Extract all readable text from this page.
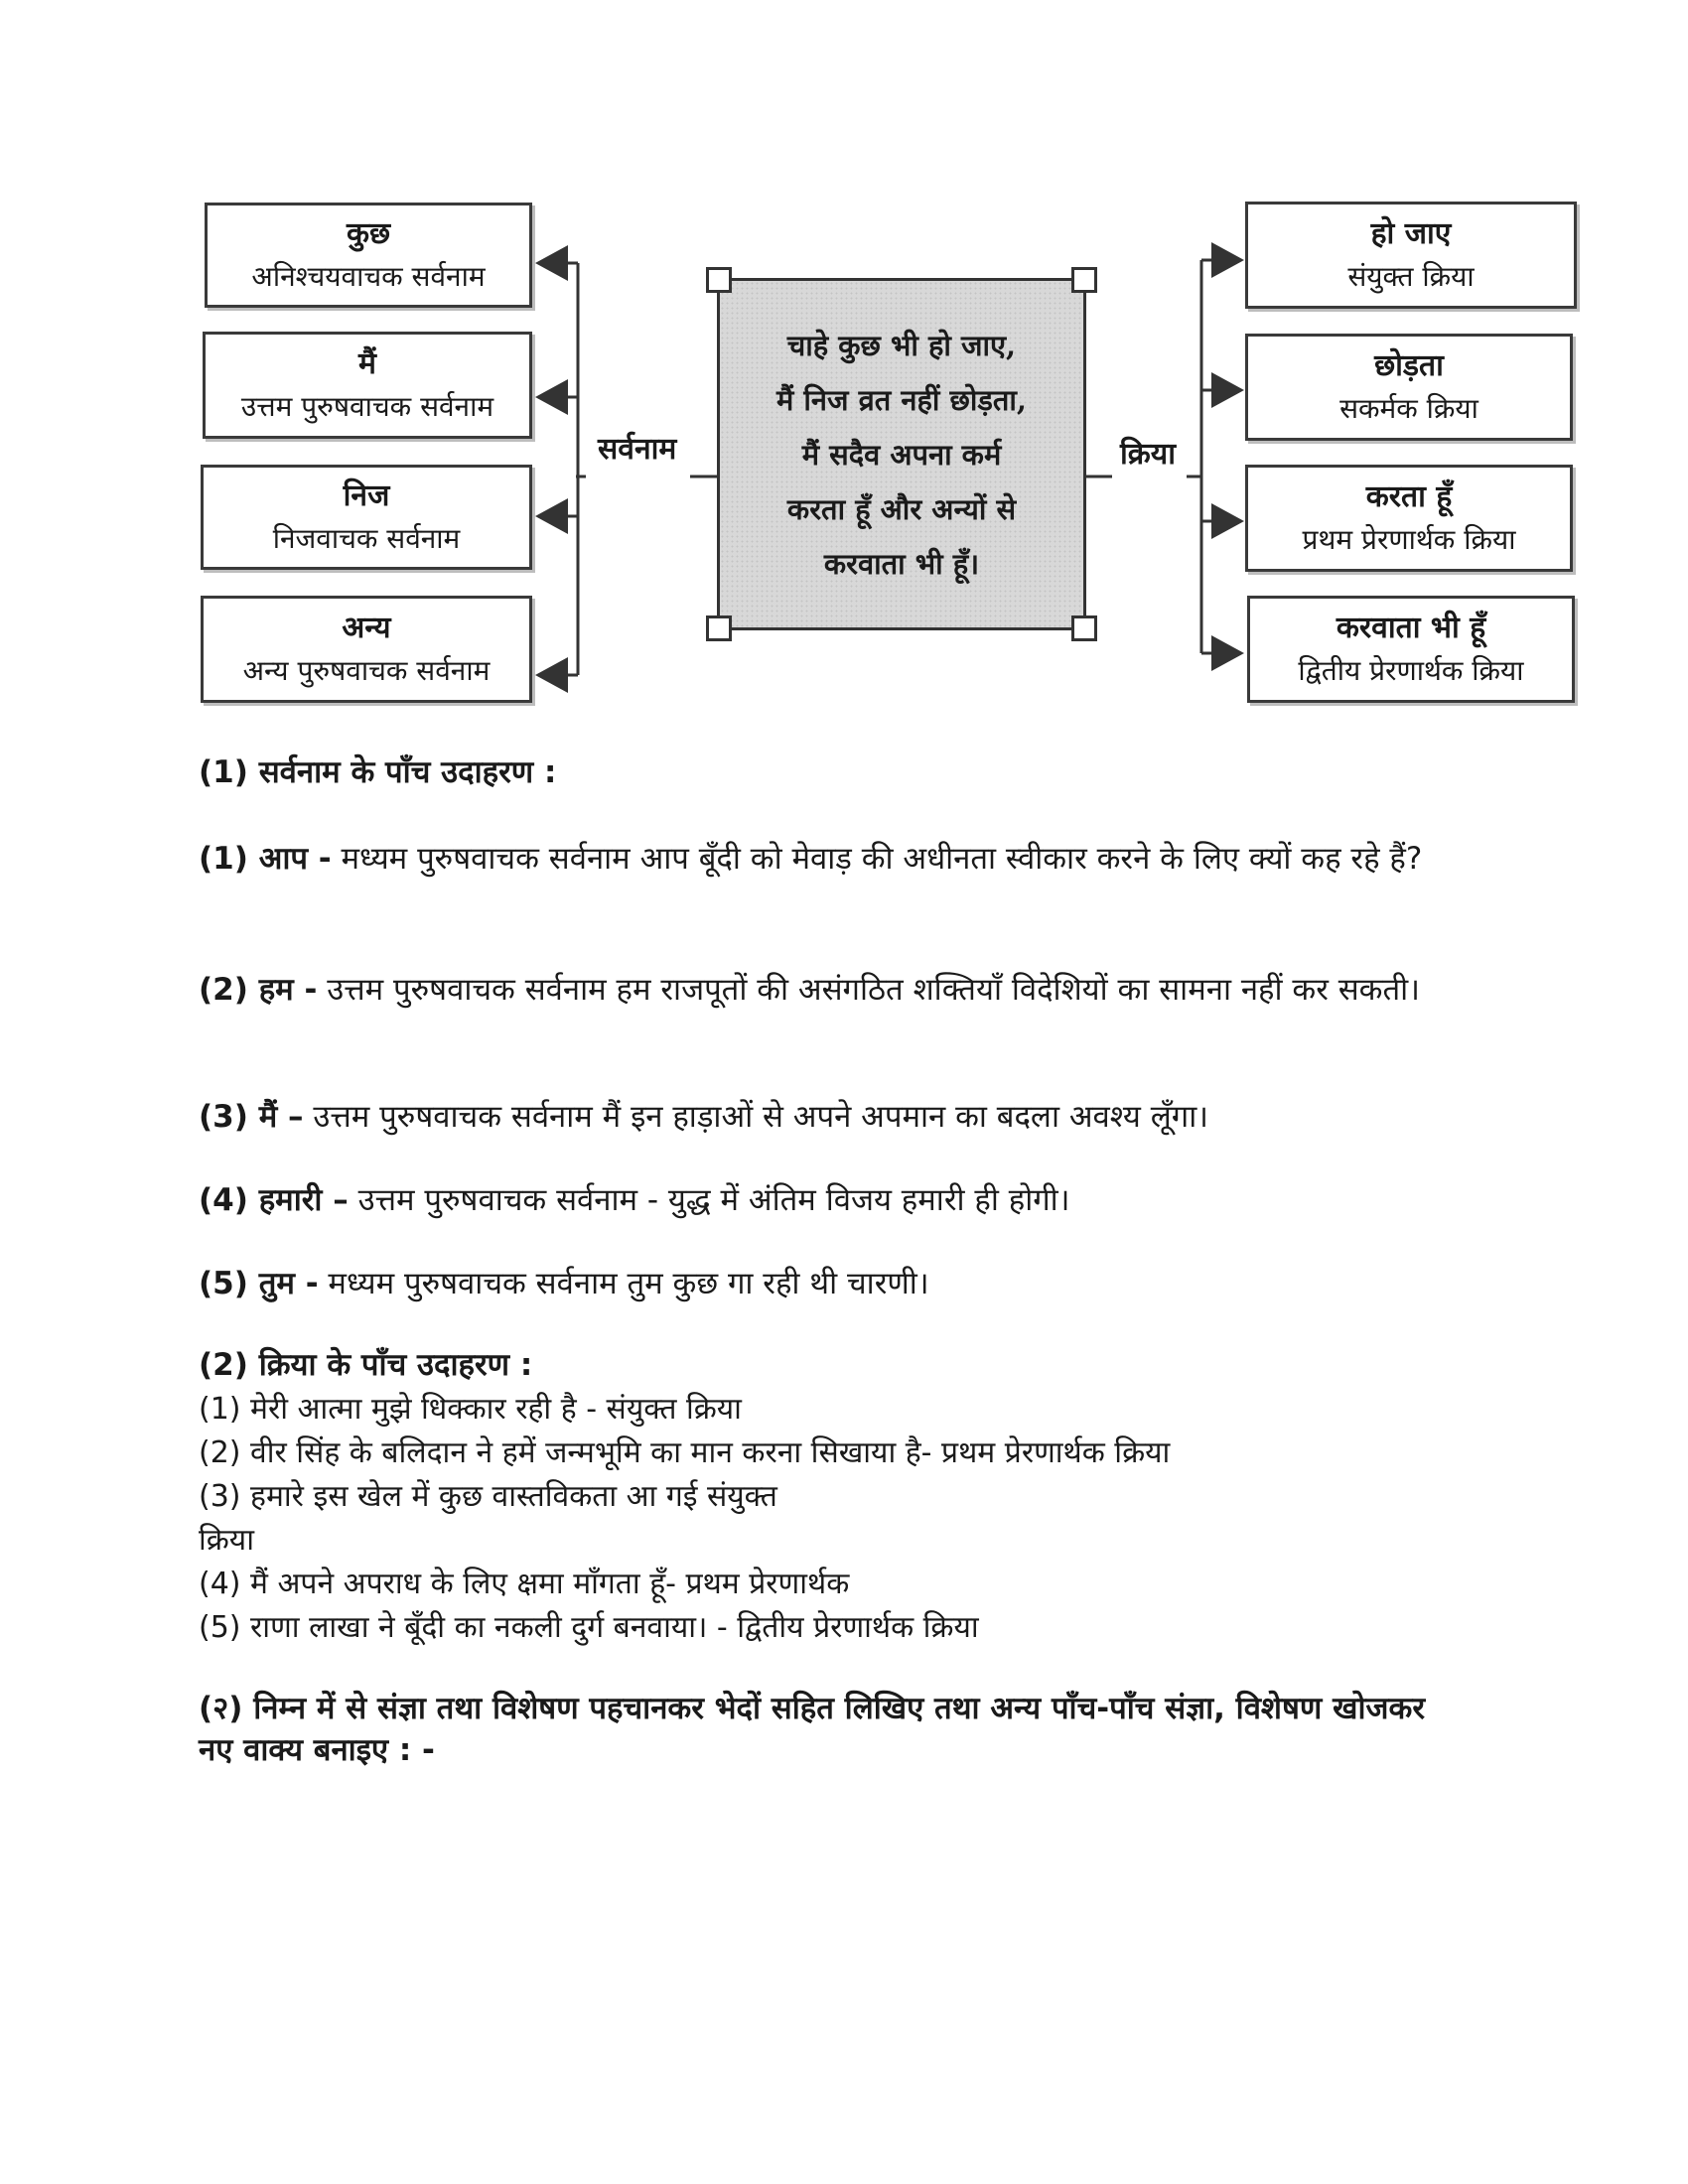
सर्वनाम	क्रिया
कुछ
अनिश्चयवाचक सर्वनाम
मैं
उत्तम पुरुषवाचक सर्वनाम
निज
निजवाचक सर्वनाम
अन्य
अन्य पुरुषवाचक सर्वनाम
चाहे कुछ भी हो जाए,
मैं निज व्रत नहीं छोड़ता,
मैं सदैव अपना कर्म
करता हूँ और अन्यों से
करवाता भी हूँ।
हो जाए
संयुक्त क्रिया
छोड़ता
सकर्मक क्रिया
करता हूँ
प्रथम प्रेरणार्थक क्रिया
करवाता भी हूँ
द्वितीय प्रेरणार्थक क्रिया
(1) सर्वनाम के पाँच उदाहरण :
(1) आप - मध्यम पुरुषवाचक सर्वनाम आप बूँदी को मेवाड़ की अधीनता स्वीकार करने के लिए क्यों कह रहे हैं?
(2) हम - उत्तम पुरुषवाचक सर्वनाम हम राजपूतों की असंगठित शक्तियाँ विदेशियों का सामना नहीं कर सकती।
(3) मैं – उत्तम पुरुषवाचक सर्वनाम मैं इन हाड़ाओं से अपने अपमान का बदला अवश्य लूँगा।
(4) हमारी – उत्तम पुरुषवाचक सर्वनाम - युद्ध में अंतिम विजय हमारी ही होगी।
(5) तुम - मध्यम पुरुषवाचक सर्वनाम तुम कुछ गा रही थी चारणी।
(2) क्रिया के पाँच उदाहरण :
(1) मेरी आत्मा मुझे धिक्कार रही है - संयुक्त क्रिया
(2) वीर सिंह के बलिदान ने हमें जन्मभूमि का मान करना सिखाया है- प्रथम प्रेरणार्थक क्रिया
(3) हमारे इस खेल में कुछ वास्तविकता आ गई संयुक्त
क्रिया
(4) मैं अपने अपराध के लिए क्षमा माँगता हूँ- प्रथम प्रेरणार्थक
(5) राणा लाखा ने बूँदी का नकली दुर्ग बनवाया। - द्वितीय प्रेरणार्थक क्रिया
(२) निम्न में से संज्ञा तथा विशेषण पहचानकर भेदों सहित लिखिए तथा अन्य पाँच-पाँच संज्ञा, विशेषण खोजकर नए वाक्य बनाइए : -
